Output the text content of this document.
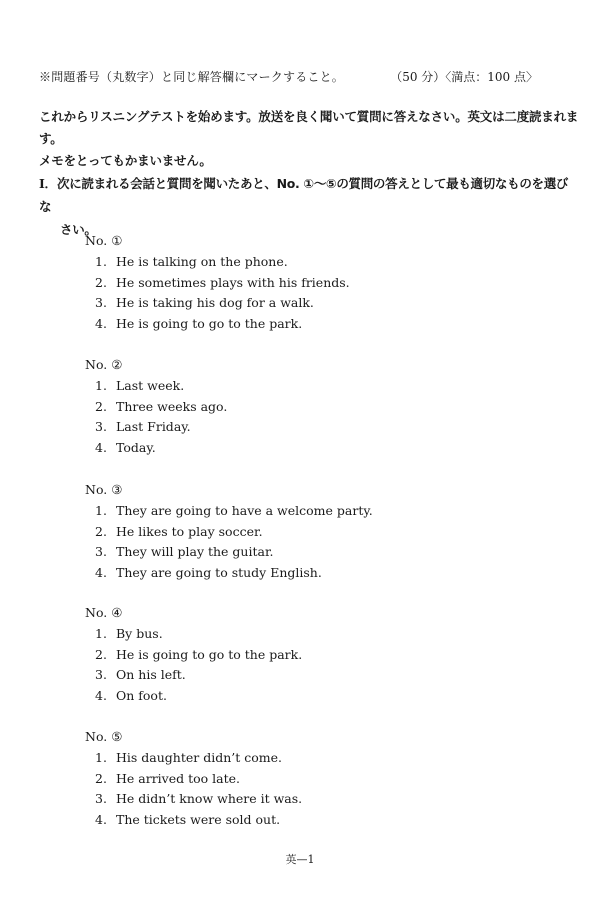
※問題番号（丸数字）と同じ解答欄にマークすること。	（50 分）〈満点：100 点〉
これからリスニングテストを始めます。放送を良く聞いて質問に答えなさい。英文は二度読まれます。
メモをとってもかまいません。
I．次に読まれる会話と質問を聞いたあと、No. ①〜⑤の質問の答えとして最も適切なものを選びな
さい。
No. ①
1. He is talking on the phone.
2. He sometimes plays with his friends.
3. He is taking his dog for a walk.
4. He is going to go to the park.
No. ②
1. Last week.
2. Three weeks ago.
3. Last Friday.
4. Today.
No. ③
1. They are going to have a welcome party.
2. He likes to play soccer.
3. They will play the guitar.
4. They are going to study English.
No. ④
1. By bus.
2. He is going to go to the park.
3. On his left.
4. On foot.
No. ⑤
1. His daughter didn’t come.
2. He arrived too late.
3. He didn’t know where it was.
4. The tickets were sold out.
英—1
